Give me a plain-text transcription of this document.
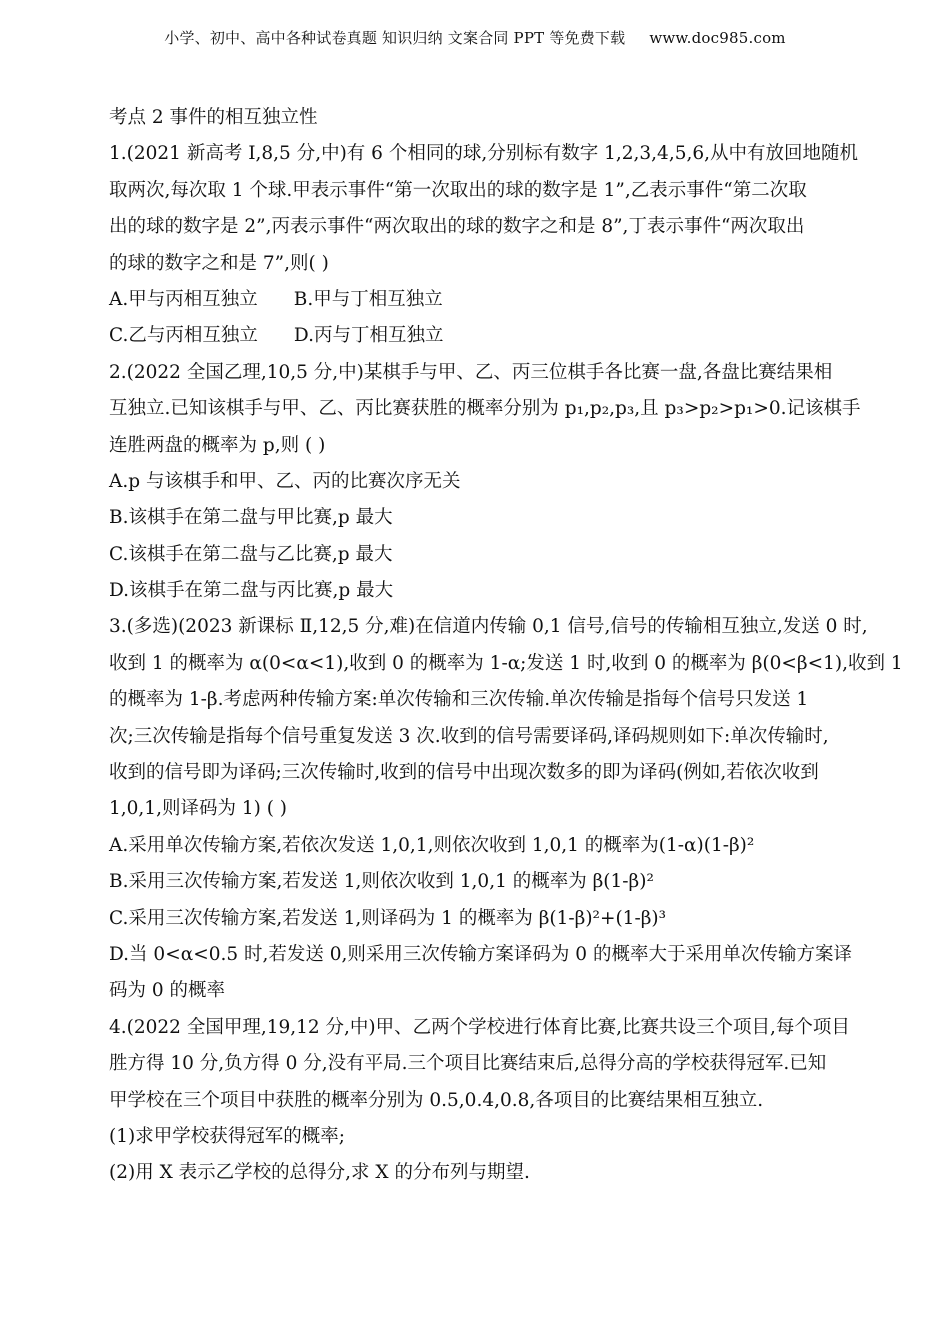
小学、初中、高中各种试卷真题 知识归纳 文案合同 PPT 等免费下载 www.doc985.com
考点 2 事件的相互独立性
1.(2021 新高考 Ⅰ,8,5 分,中)有 6 个相同的球,分别标有数字 1,2,3,4,5,6,从中有放回地随机
取两次,每次取 1 个球.甲表示事件“第一次取出的球的数字是 1”,乙表示事件“第二次取
出的球的数字是 2”,丙表示事件“两次取出的球的数字之和是 8”,丁表示事件“两次取出
的球的数字之和是 7”,则( )
A.甲与丙相互独立 B.甲与丁相互独立
C.乙与丙相互独立 D.丙与丁相互独立
2.(2022 全国乙理,10,5 分,中)某棋手与甲、乙、丙三位棋手各比赛一盘,各盘比赛结果相
互独立.已知该棋手与甲、乙、丙比赛获胜的概率分别为 p₁,p₂,p₃,且 p₃>p₂>p₁>0.记该棋手
连胜两盘的概率为 p,则 ( )
A.p 与该棋手和甲、乙、丙的比赛次序无关
B.该棋手在第二盘与甲比赛,p 最大
C.该棋手在第二盘与乙比赛,p 最大
D.该棋手在第二盘与丙比赛,p 最大
3.(多选)(2023 新课标 Ⅱ,12,5 分,难)在信道内传输 0,1 信号,信号的传输相互独立,发送 0 时,
收到 1 的概率为 α(0<α<1),收到 0 的概率为 1-α;发送 1 时,收到 0 的概率为 β(0<β<1),收到 1
的概率为 1-β.考虑两种传输方案:单次传输和三次传输.单次传输是指每个信号只发送 1
次;三次传输是指每个信号重复发送 3 次.收到的信号需要译码,译码规则如下:单次传输时,
收到的信号即为译码;三次传输时,收到的信号中出现次数多的即为译码(例如,若依次收到
1,0,1,则译码为 1) ( )
A.采用单次传输方案,若依次发送 1,0,1,则依次收到 1,0,1 的概率为(1-α)(1-β)²
B.采用三次传输方案,若发送 1,则依次收到 1,0,1 的概率为 β(1-β)²
C.采用三次传输方案,若发送 1,则译码为 1 的概率为 β(1-β)²+(1-β)³
D.当 0<α<0.5 时,若发送 0,则采用三次传输方案译码为 0 的概率大于采用单次传输方案译
码为 0 的概率
4.(2022 全国甲理,19,12 分,中)甲、乙两个学校进行体育比赛,比赛共设三个项目,每个项目
胜方得 10 分,负方得 0 分,没有平局.三个项目比赛结束后,总得分高的学校获得冠军.已知
甲学校在三个项目中获胜的概率分别为 0.5,0.4,0.8,各项目的比赛结果相互独立.
(1)求甲学校获得冠军的概率;
(2)用 X 表示乙学校的总得分,求 X 的分布列与期望.
